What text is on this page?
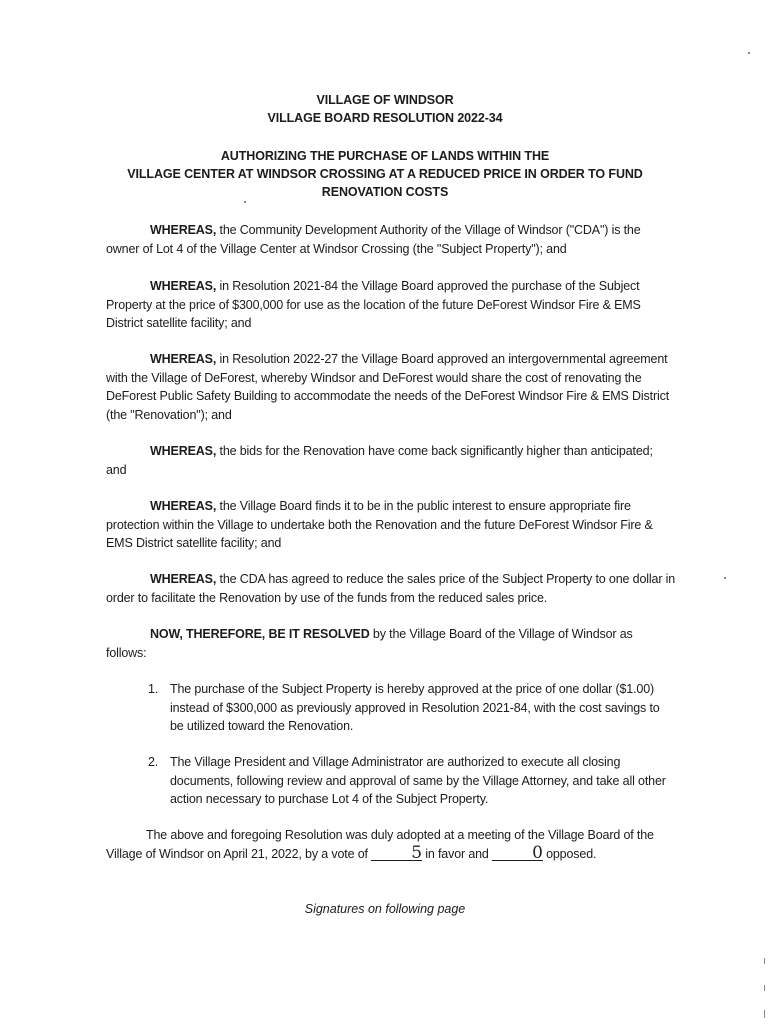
VILLAGE OF WINDSOR
VILLAGE BOARD RESOLUTION 2022-34
AUTHORIZING THE PURCHASE OF LANDS WITHIN THE
VILLAGE CENTER AT WINDSOR CROSSING AT A REDUCED PRICE IN ORDER TO FUND
RENOVATION COSTS

WHEREAS, the Community Development Authority of the Village of Windsor ("CDA") is the owner of Lot 4 of the Village Center at Windsor Crossing (the "Subject Property"); and

WHEREAS, in Resolution 2021-84 the Village Board approved the purchase of the Subject Property at the price of $300,000 for use as the location of the future DeForest Windsor Fire & EMS District satellite facility; and

WHEREAS, in Resolution 2022-27 the Village Board approved an intergovernmental agreement with the Village of DeForest, whereby Windsor and DeForest would share the cost of renovating the DeForest Public Safety Building to accommodate the needs of the DeForest Windsor Fire & EMS District (the "Renovation"); and

WHEREAS, the bids for the Renovation have come back significantly higher than anticipated; and

WHEREAS, the Village Board finds it to be in the public interest to ensure appropriate fire protection within the Village to undertake both the Renovation and the future DeForest Windsor Fire & EMS District satellite facility; and

WHEREAS, the CDA has agreed to reduce the sales price of the Subject Property to one dollar in order to facilitate the Renovation by use of the funds from the reduced sales price.

NOW, THEREFORE, BE IT RESOLVED by the Village Board of the Village of Windsor as follows:

1. The purchase of the Subject Property is hereby approved at the price of one dollar ($1.00) instead of $300,000 as previously approved in Resolution 2021-84, with the cost savings to be utilized toward the Renovation.
2. The Village President and Village Administrator are authorized to execute all closing documents, following review and approval of same by the Village Attorney, and take all other action necessary to purchase Lot 4 of the Subject Property.

The above and foregoing Resolution was duly adopted at a meeting of the Village Board of the Village of Windsor on April 21, 2022, by a vote of	5 in favor and	0 opposed.

Signatures on following page
